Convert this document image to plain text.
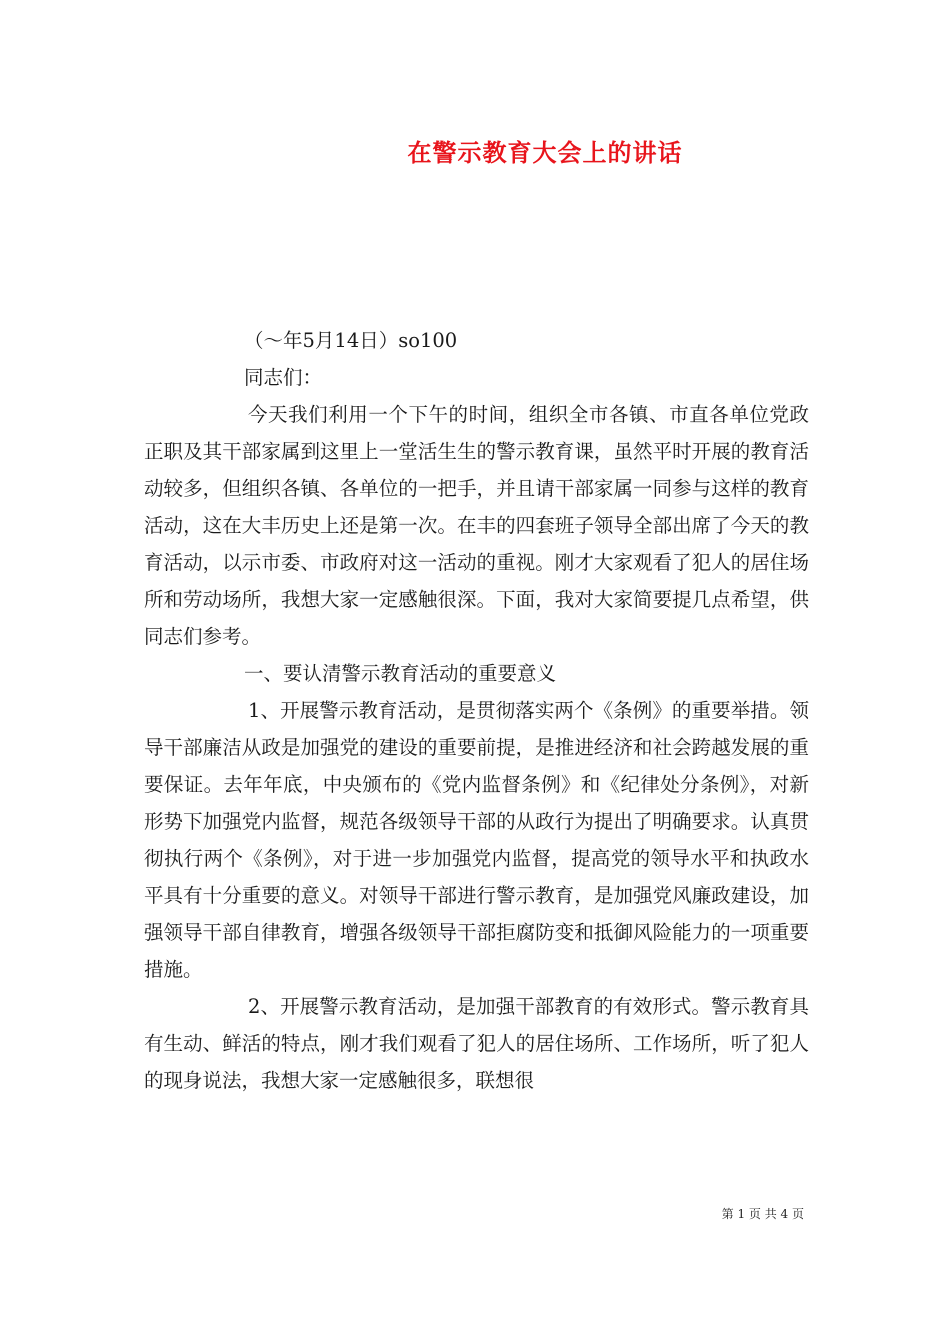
在警示教育大会上的讲话

（～年5月14日）so100

同志们：

今天我们利用一个下午的时间，组织全市各镇、市直各单位党政正职及其干部家属到这里上一堂活生生的警示教育课，虽然平时开展的教育活动较多，但组织各镇、各单位的一把手，并且请干部家属一同参与这样的教育活动，这在大丰历史上还是第一次。在丰的四套班子领导全部出席了今天的教育活动，以示市委、市政府对这一活动的重视。刚才大家观看了犯人的居住场所和劳动场所，我想大家一定感触很深。下面，我对大家简要提几点希望，供同志们参考。

一、要认清警示教育活动的重要意义

1、开展警示教育活动，是贯彻落实两个《条例》的重要举措。领导干部廉洁从政是加强党的建设的重要前提，是推进经济和社会跨越发展的重要保证。去年年底，中央颁布的《党内监督条例》和《纪律处分条例》，对新形势下加强党内监督，规范各级领导干部的从政行为提出了明确要求。认真贯彻执行两个《条例》，对于进一步加强党内监督，提高党的领导水平和执政水平具有十分重要的意义。对领导干部进行警示教育，是加强党风廉政建设，加强领导干部自律教育，增强各级领导干部拒腐防变和抵御风险能力的一项重要措施。

2、开展警示教育活动，是加强干部教育的有效形式。警示教育具有生动、鲜活的特点，刚才我们观看了犯人的居住场所、工作场所，听了犯人的现身说法，我想大家一定感触很多，联想很

第 1 页 共 4 页
